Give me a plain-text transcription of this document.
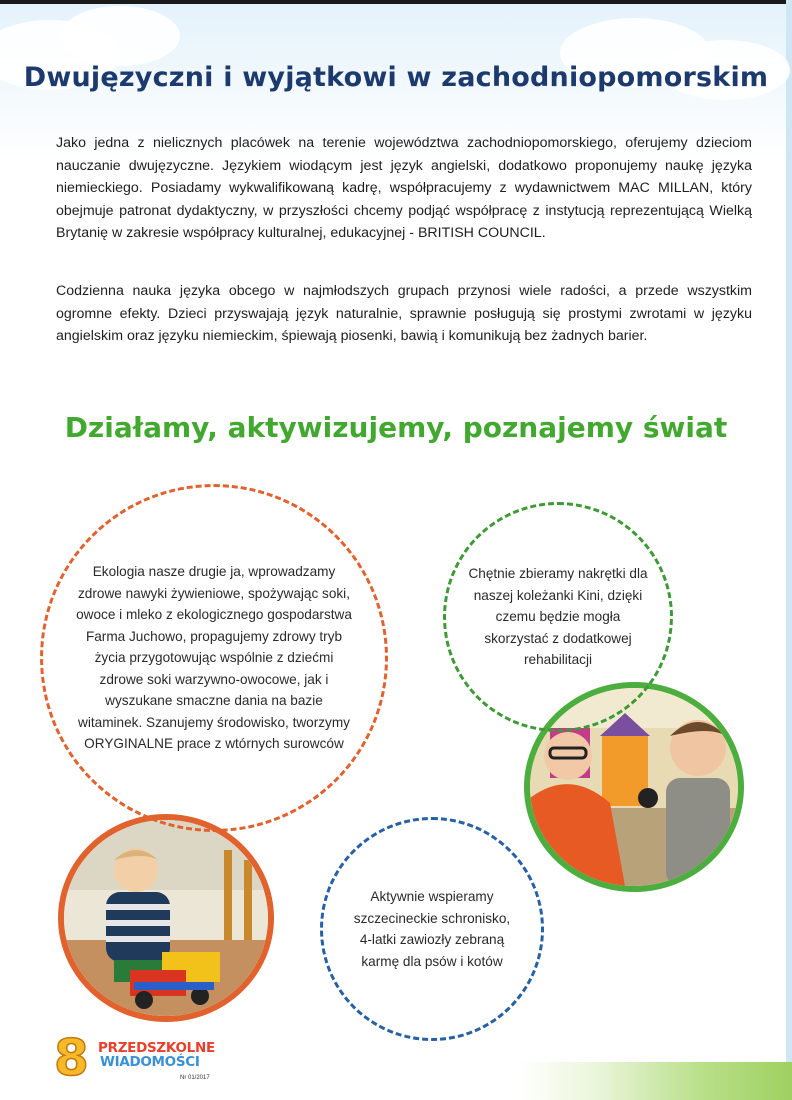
Dwujęzyczni i wyjątkowi w zachodniopomorskim

Jako jedna z nielicznych placówek na terenie województwa zachodniopomorskiego, oferujemy dzieciom nauczanie dwujęzyczne. Językiem wiodącym jest język angielski, dodatkowo proponujemy naukę języka niemieckiego. Posiadamy wykwalifikowaną kadrę, współpracujemy z wydawnictwem MAC MILLAN, który obejmuje patronat dydaktyczny, w przyszłości chcemy podjąć współpracę z instytucją reprezentującą Wielką Brytanię w zakresie współpracy kulturalnej, edukacyjnej - BRITISH COUNCIL.

Codzienna nauka języka obcego w najmłodszych grupach przynosi wiele radości, a przede wszystkim ogromne efekty. Dzieci przyswajają język naturalnie, sprawnie posługują się prostymi zwrotami w języku angielskim oraz języku niemieckim, śpiewają piosenki, bawią i komunikują bez żadnych barier.

Działamy, aktywizujemy, poznajemy świat

Ekologia nasze drugie ja, wprowadzamy zdrowe nawyki żywieniowe, spożywając soki, owoce i mleko z ekologicznego gospodarstwa Farma Juchowo, propagujemy zdrowy tryb życia przygotowując wspólnie z dziećmi zdrowe soki warzywno-owocowe, jak i wyszukane smaczne dania na bazie witaminek. Szanujemy środowisko, tworzymy ORYGINALNE prace z wtórnych surowców

Chętnie zbieramy nakrętki dla naszej koleżanki Kini, dzięki czemu będzie mogła skorzystać z dodatkowej rehabilitacji

Aktywnie wspieramy szczecineckie schronisko, 4-latki zawiozły zebraną karmę dla psów i kotów

8 PRZEDSZKOLNE
WIADOMOŚCI

Nr 01/2017
